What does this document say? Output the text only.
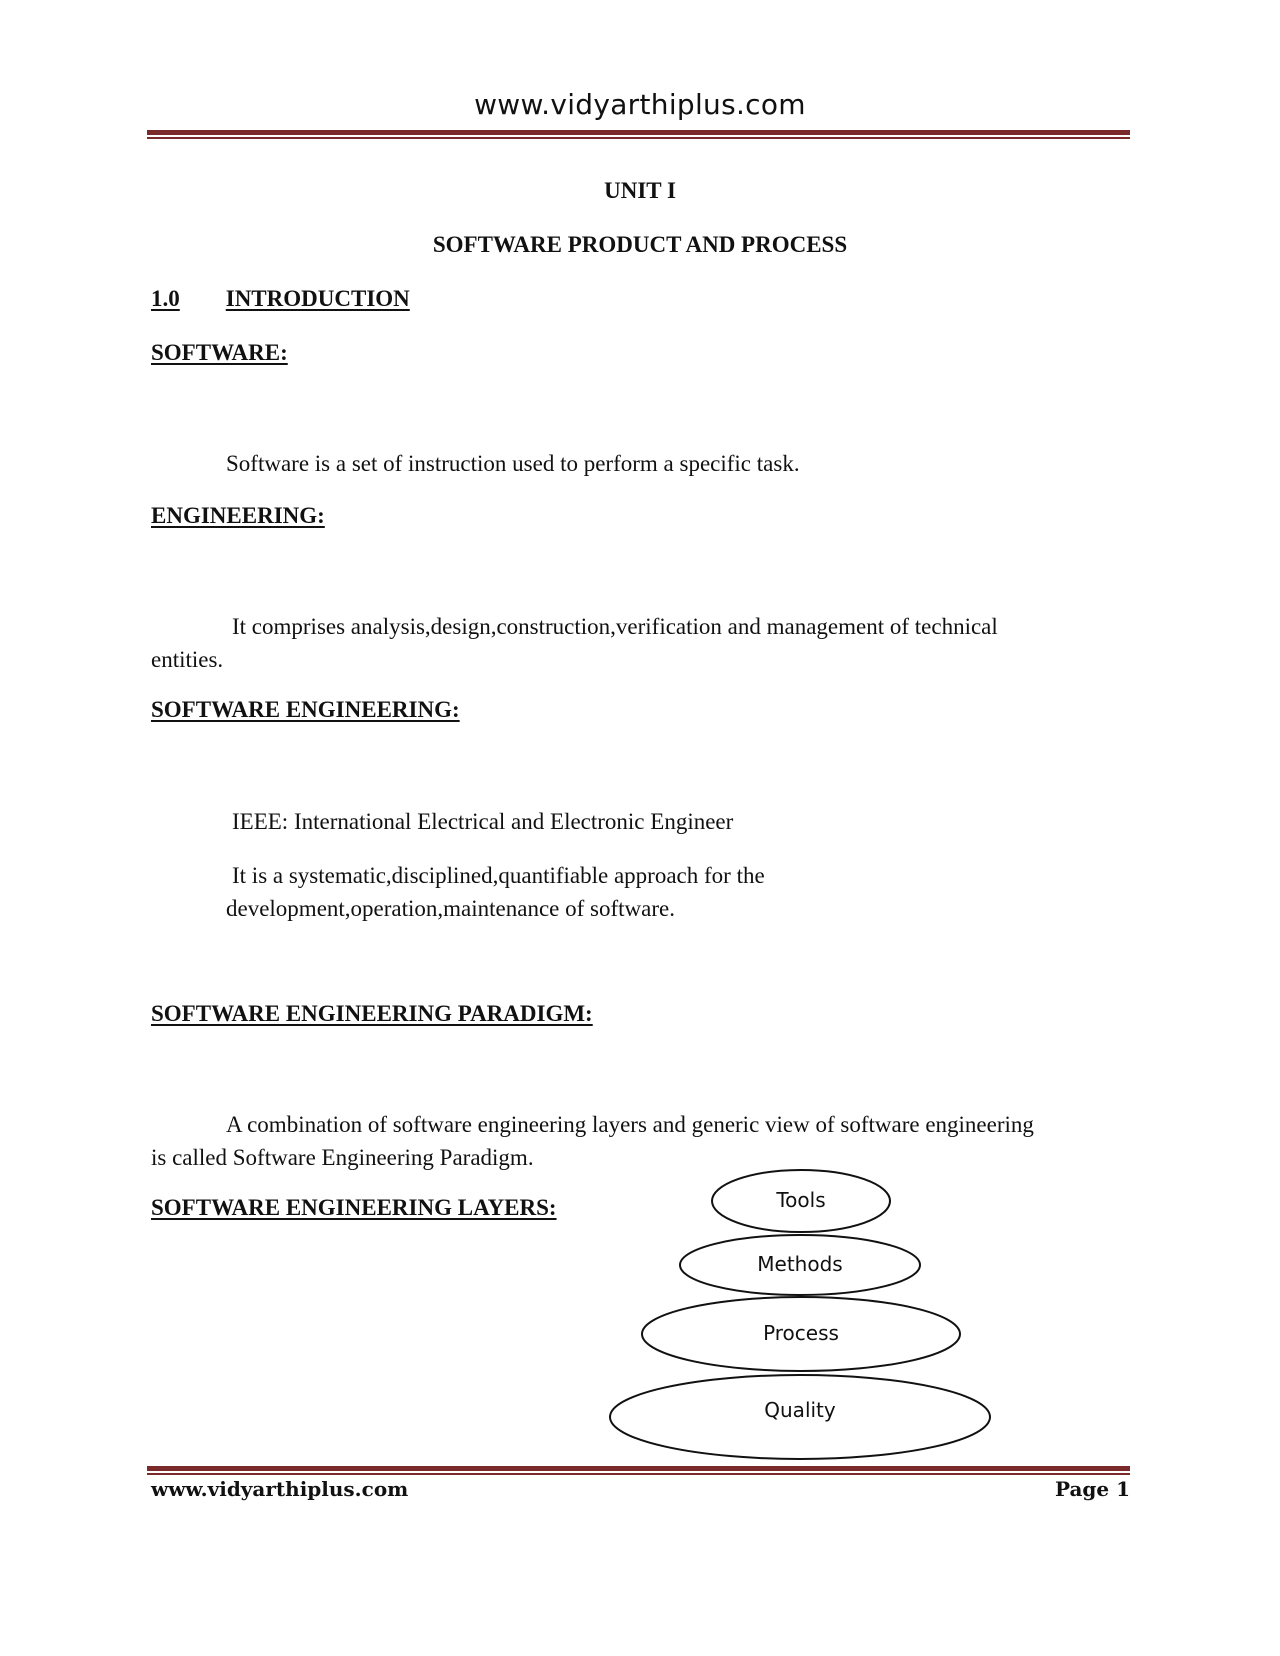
www.vidyarthiplus.com
UNIT I
SOFTWARE PRODUCT AND PROCESS
1.0 INTRODUCTION
SOFTWARE:
Software is a set of instruction used to perform a specific task.
ENGINEERING:
It comprises analysis,design,construction,verification and management of technical
entities.
SOFTWARE ENGINEERING:
IEEE: International Electrical and Electronic Engineer
It is a systematic,disciplined,quantifiable approach for the
development,operation,maintenance of software.
SOFTWARE ENGINEERING PARADIGM:
A combination of software engineering layers and generic view of software engineering
is called Software Engineering Paradigm.
SOFTWARE ENGINEERING LAYERS:	Tools
Methods
Process
Quality
www.vidyarthiplus.com	Page 1
